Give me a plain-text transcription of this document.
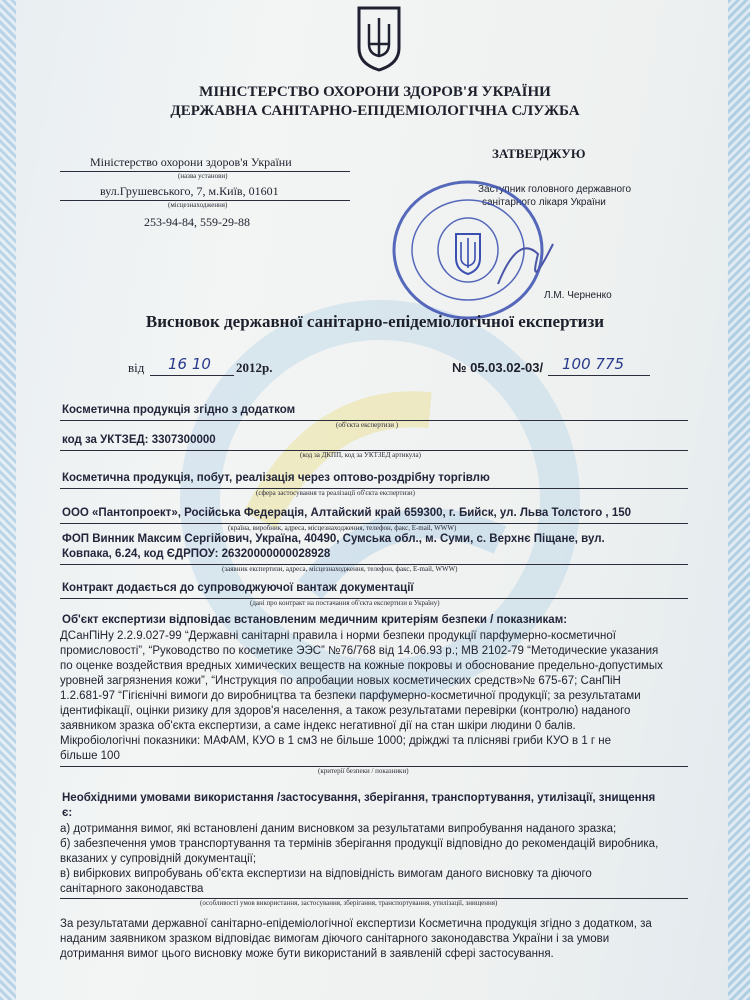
МІНІСТЕРСТВО ОХОРОНИ ЗДОРОВ'Я УКРАЇНИ
ДЕРЖАВНА САНІТАРНО-ЕПІДЕМІОЛОГІЧНА СЛУЖБА
Міністерство охорони здоров'я України
(назва установи)
вул.Грушевського, 7, м.Київ, 01601
(місцезнаходження)
253-94-84, 559-29-88
ЗАТВЕРДЖУЮ
Заступник головного державного
санітарного лікаря України
Л.М. Черненко
Висновок державної санітарно-епідеміологічної експертизи
від 16 10 2012р.	№ 05.03.02-03/ 100 775
Косметична продукція згідно з додатком
(об'єкта експертизи )
код за УКТЗЕД: 3307300000
(код за ДКПП, код за УКТЗЕД артикула)
Косметична продукція, побут, реалізація через оптово-роздрібну торгівлю
(сфера застосування та реалізації об'єкта експертизи)
ООО «Пантопроект», Російська Федерація, Алтайский край 659300, г. Бийск, ул. Льва Толстого , 150
(країна, виробник, адреса, місцезнаходження, телефон, факс, E-mail, WWW)
ФОП Винник Максим Сергійович, Україна, 40490, Сумська обл., м. Суми, с. Верхнє Піщане, вул.
Ковпака, 6.24, код ЄДРПОУ: 26320000000028928
(заявник експертизи, адреса, місцезнаходження, телефон, факс, E-mail, WWW)
Контракт додається до супроводжуючої вантаж документації
(дані про контракт на постачання об'єкта експертизи в Україну)
Об'єкт експертизи відповідає встановленим медичним критеріям безпеки / показникам:
ДСанПіНу 2.2.9.027-99 “Державні санітарні правила і норми безпеки продукції парфумерно-косметичної
промисловості”, “Руководство по косметике ЭЭС” №76/768 від 14.06.93 р.; МВ 2102-79 “Методические указания
по оценке воздействия вредных химических веществ на кожные покровы и обоснование предельно-допустимых
уровней загрязнения кожи”, “Инструкция по апробации новых косметических средств»№ 675-67; СанПіН
1.2.681-97 “Гігієнічні вимоги до виробництва та безпеки парфумерно-косметичної продукції; за результатами
ідентифікації, оцінки ризику для здоров'я населення, а також результатами перевірки (контролю) наданого
заявником зразка об'єкта експертизи, а саме індекс негативної дії на стан шкіри людини 0 балів.
Мікробіологічні показники: МАФАМ, КУО в 1 см3 не більше 1000; дріжджі та плісняві гриби КУО в 1 г не
більше 100
(критерії безпеки / показники)
Необхідними умовами використання /застосування, зберігання, транспортування, утилізації, знищення
є:
а) дотримання вимог, які встановлені даним висновком за результатами випробування наданого зразка;
б) забезпечення умов транспортування та термінів зберігання продукції відповідно до рекомендацій виробника,
вказаних у супровідній документації;
в) вибіркових випробувань об'єкта експертизи на відповідність вимогам даного висновку та діючого
санітарного законодавства
(особливості умов використання, застосування, зберігання, транспортування, утилізації, знищення)
За результатами державної санітарно-епідеміологічної експертизи Косметична продукція згідно з додатком, за
наданим заявником зразком відповідає вимогам діючого санітарного законодавства України і за умови
дотримання вимог цього висновку може бути використаний в заявленій сфері застосування.
